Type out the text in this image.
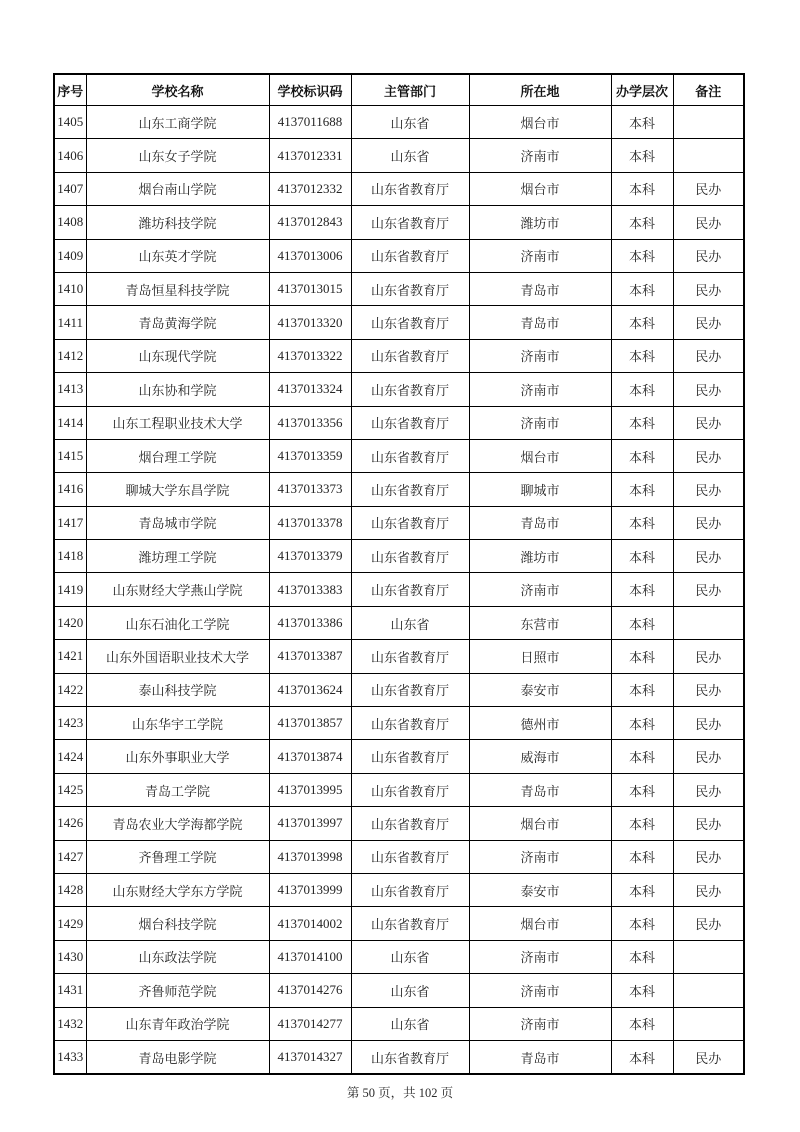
序号	学校名称	学校标识码	主管部门	所在地	办学层次	备注
1405	山东工商学院	4137011688	山东省	烟台市	本科	
1406	山东女子学院	4137012331	山东省	济南市	本科	
1407	烟台南山学院	4137012332	山东省教育厅	烟台市	本科	民办
1408	潍坊科技学院	4137012843	山东省教育厅	潍坊市	本科	民办
1409	山东英才学院	4137013006	山东省教育厅	济南市	本科	民办
1410	青岛恒星科技学院	4137013015	山东省教育厅	青岛市	本科	民办
1411	青岛黄海学院	4137013320	山东省教育厅	青岛市	本科	民办
1412	山东现代学院	4137013322	山东省教育厅	济南市	本科	民办
1413	山东协和学院	4137013324	山东省教育厅	济南市	本科	民办
1414	山东工程职业技术大学	4137013356	山东省教育厅	济南市	本科	民办
1415	烟台理工学院	4137013359	山东省教育厅	烟台市	本科	民办
1416	聊城大学东昌学院	4137013373	山东省教育厅	聊城市	本科	民办
1417	青岛城市学院	4137013378	山东省教育厅	青岛市	本科	民办
1418	潍坊理工学院	4137013379	山东省教育厅	潍坊市	本科	民办
1419	山东财经大学燕山学院	4137013383	山东省教育厅	济南市	本科	民办
1420	山东石油化工学院	4137013386	山东省	东营市	本科	
1421	山东外国语职业技术大学	4137013387	山东省教育厅	日照市	本科	民办
1422	泰山科技学院	4137013624	山东省教育厅	泰安市	本科	民办
1423	山东华宇工学院	4137013857	山东省教育厅	德州市	本科	民办
1424	山东外事职业大学	4137013874	山东省教育厅	威海市	本科	民办
1425	青岛工学院	4137013995	山东省教育厅	青岛市	本科	民办
1426	青岛农业大学海都学院	4137013997	山东省教育厅	烟台市	本科	民办
1427	齐鲁理工学院	4137013998	山东省教育厅	济南市	本科	民办
1428	山东财经大学东方学院	4137013999	山东省教育厅	泰安市	本科	民办
1429	烟台科技学院	4137014002	山东省教育厅	烟台市	本科	民办
1430	山东政法学院	4137014100	山东省	济南市	本科	
1431	齐鲁师范学院	4137014276	山东省	济南市	本科	
1432	山东青年政治学院	4137014277	山东省	济南市	本科	
1433	青岛电影学院	4137014327	山东省教育厅	青岛市	本科	民办
第 50 页，共 102 页
